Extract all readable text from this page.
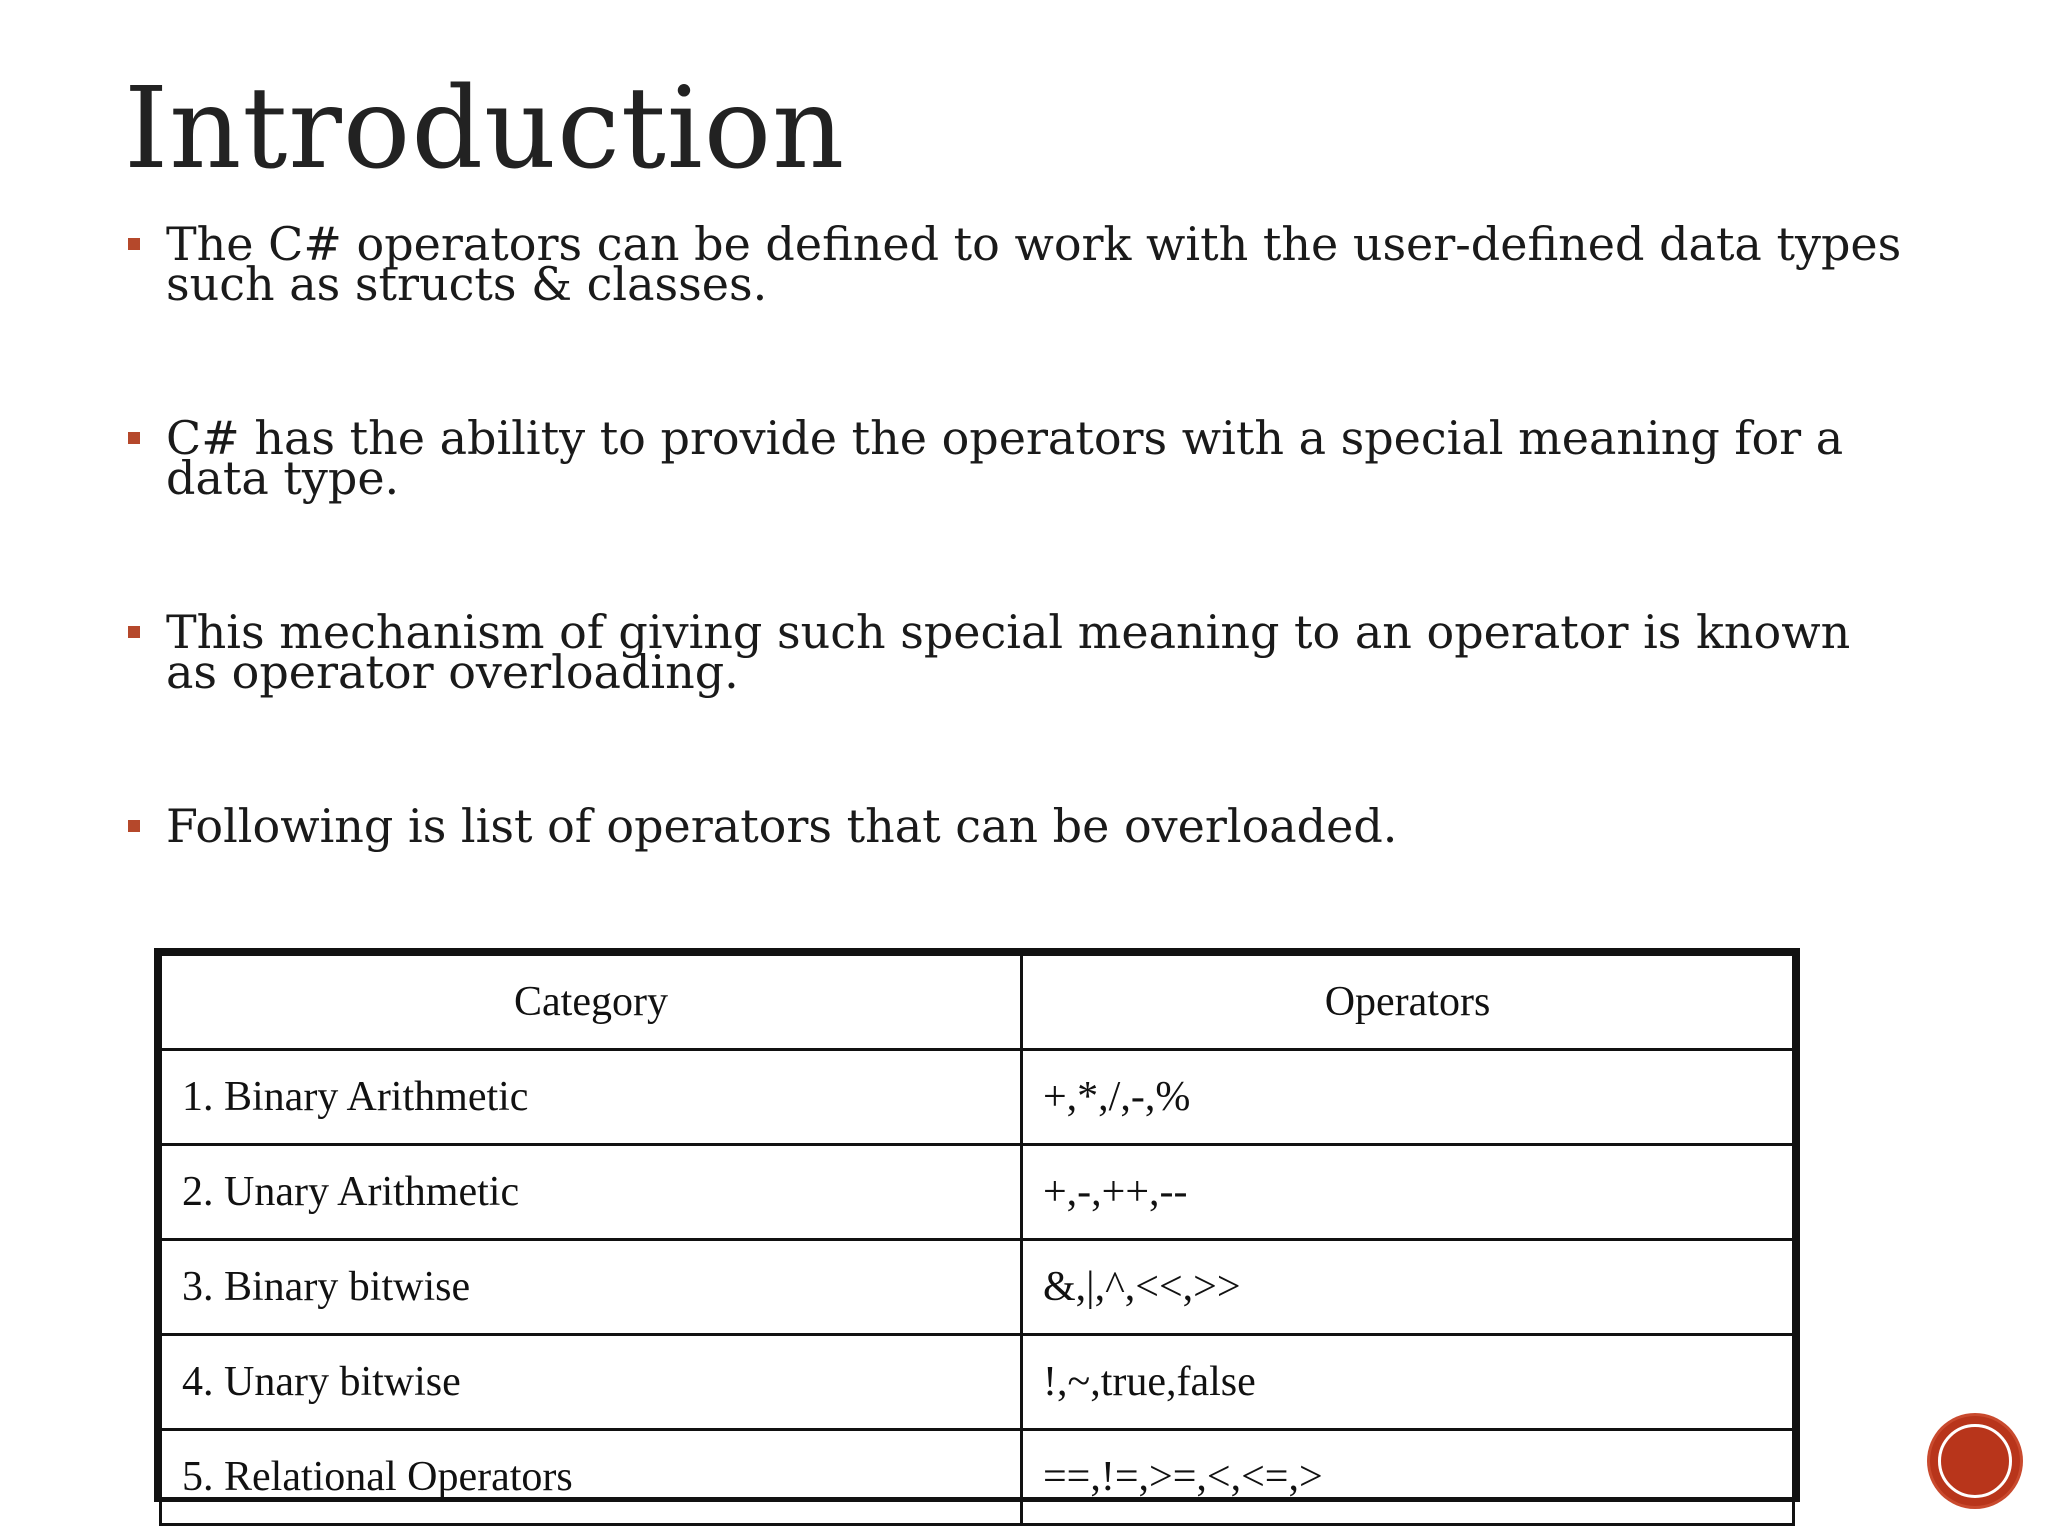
Introduction
The C# operators can be defined to work with the user-defined data types
such as structs & classes.
C# has the ability to provide the operators with a special meaning for a
data type.
This mechanism of giving such special meaning to an operator is known
as operator overloading.
Following is list of operators that can be overloaded.
Category	Operators
1. Binary Arithmetic	+,*,/,-,%
2. Unary Arithmetic	+,-,++,--
3. Binary bitwise	&,|,^,<<,>>
4. Unary bitwise	!,~,true,false
5. Relational Operators	==,!=,>=,<,<=,>
